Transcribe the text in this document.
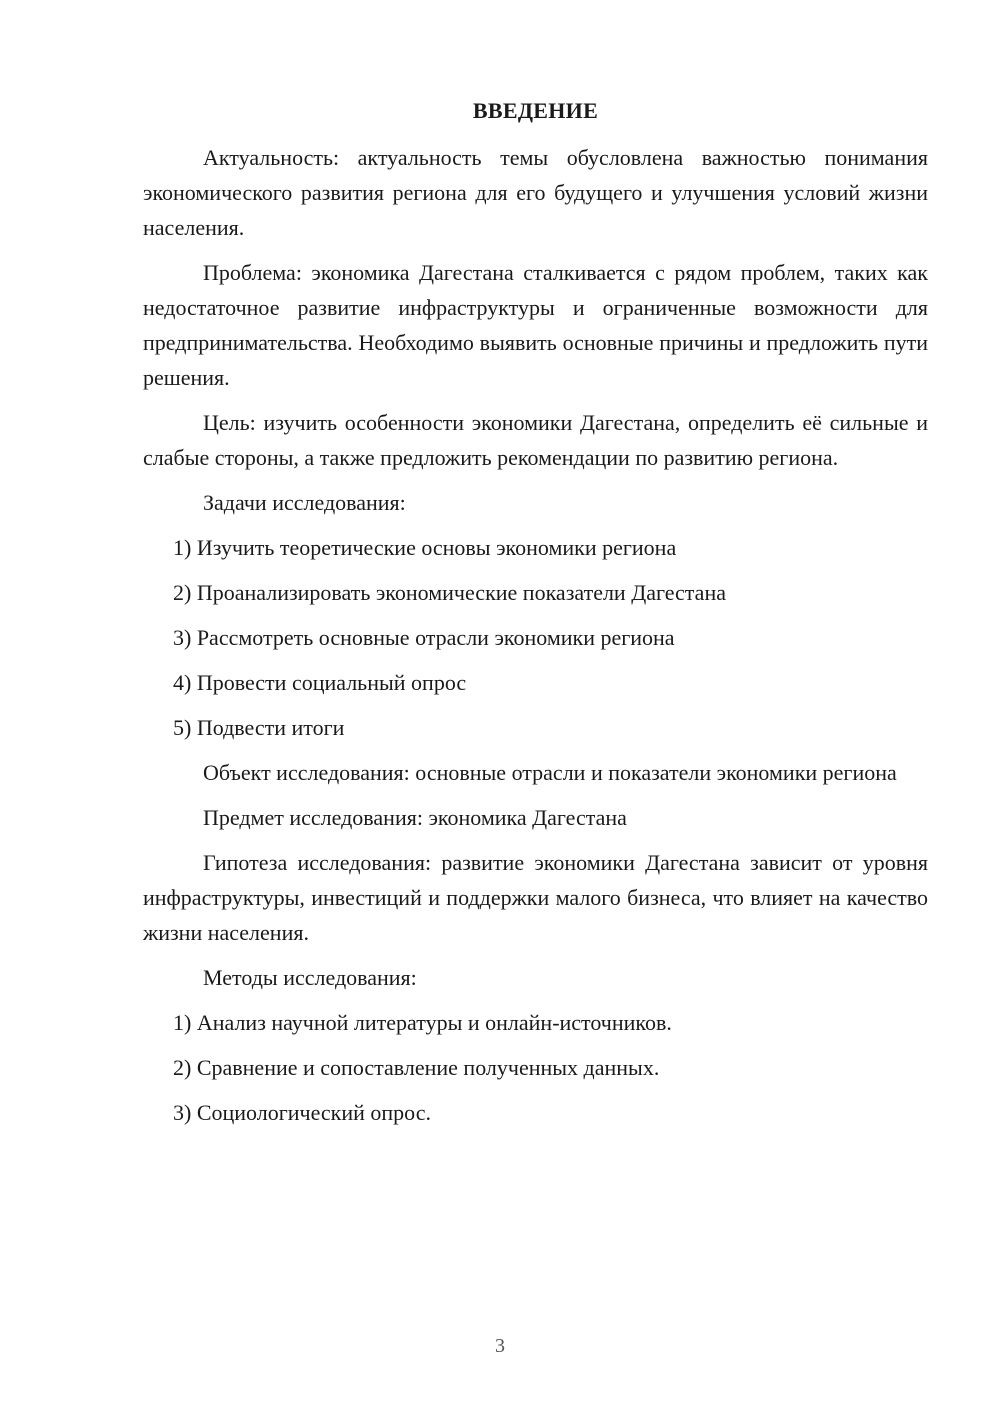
ВВЕДЕНИЕ

Актуальность: актуальность темы обусловлена важностью понимания экономического развития региона для его будущего и улучшения условий жизни населения.

Проблема: экономика Дагестана сталкивается с рядом проблем, таких как недостаточное развитие инфраструктуры и ограниченные возможности для предпринимательства. Необходимо выявить основные причины и предложить пути решения.

Цель: изучить особенности экономики Дагестана, определить её сильные и слабые стороны, а также предложить рекомендации по развитию региона.

Задачи исследования:

1) Изучить теоретические основы экономики региона

2) Проанализировать экономические показатели Дагестана

3) Рассмотреть основные отрасли экономики региона

4) Провести социальный опрос

5) Подвести итоги

Объект исследования: основные отрасли и показатели экономики региона

Предмет исследования: экономика Дагестана

Гипотеза исследования: развитие экономики Дагестана зависит от уровня инфраструктуры, инвестиций и поддержки малого бизнеса, что влияет на качество жизни населения.

Методы исследования:

1) Анализ научной литературы и онлайн-источников.

2) Сравнение и сопоставление полученных данных.

3) Социологический опрос.

3
